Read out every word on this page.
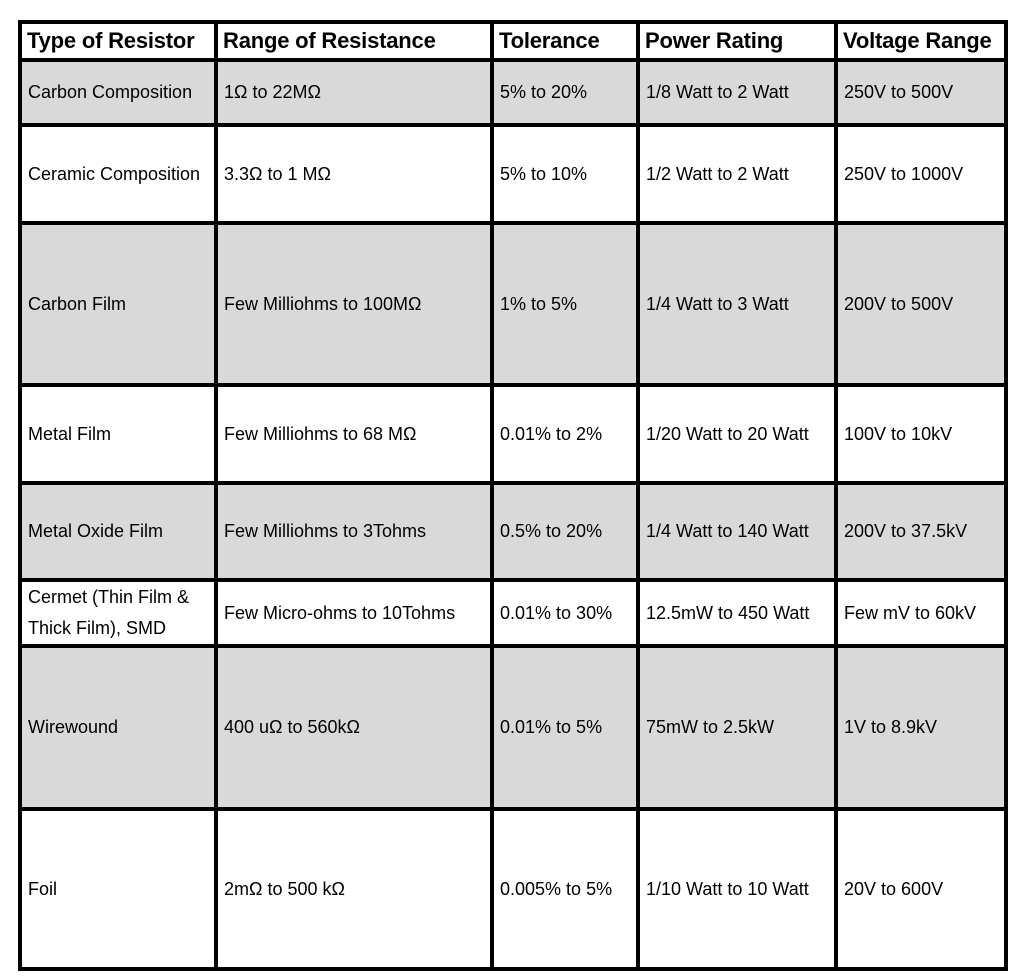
Type of Resistor	Range of Resistance	Tolerance	Power Rating	Voltage Range
Carbon Composition	1Ω to 22MΩ	5% to 20%	1/8 Watt to 2 Watt	250V to 500V
Ceramic Composition	3.3Ω to 1 MΩ	5% to 10%	1/2 Watt to 2 Watt	250V to 1000V
Carbon Film	Few Milliohms to 100MΩ	1% to 5%	1/4 Watt to 3 Watt	200V to 500V
Metal Film	Few Milliohms to 68 MΩ	0.01% to 2%	1/20 Watt to 20 Watt	100V to 10kV
Metal Oxide Film	Few Milliohms to 3Tohms	0.5% to 20%	1/4 Watt to 140 Watt	200V to 37.5kV
Cermet (Thin Film & Thick Film), SMD	Few Micro-ohms to 10Tohms	0.01% to 30%	12.5mW to 450 Watt	Few mV to 60kV
Wirewound	400 uΩ to 560kΩ	0.01% to 5%	75mW to 2.5kW	1V to 8.9kV
Foil	2mΩ to 500 kΩ	0.005% to 5%	1/10 Watt to 10 Watt	20V to 600V
